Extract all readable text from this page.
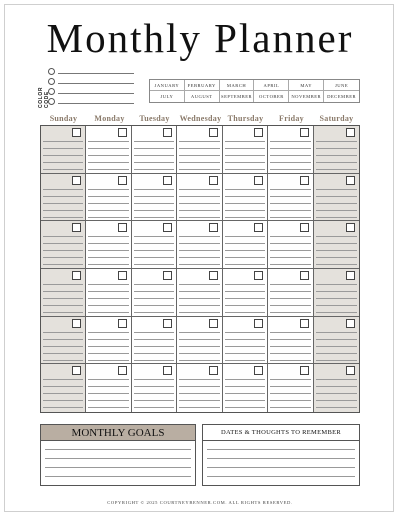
Monthly Planner
COLOR CODE
JANUARY	FEBRUARY	MARCH	APRIL	MAY	JUNE
JULY	AUGUST	SEPTEMBER	OCTOBER	NOVEMBER	DECEMBER
Sunday	Monday	Tuesday	Wednesday Thursday	Friday	Saturday
MONTHLY GOALS	DATES & THOUGHTS TO REMEMBER
COPYRIGHT © 2025 COURTNEYBENNER.COM. ALL RIGHTS RESERVED.
